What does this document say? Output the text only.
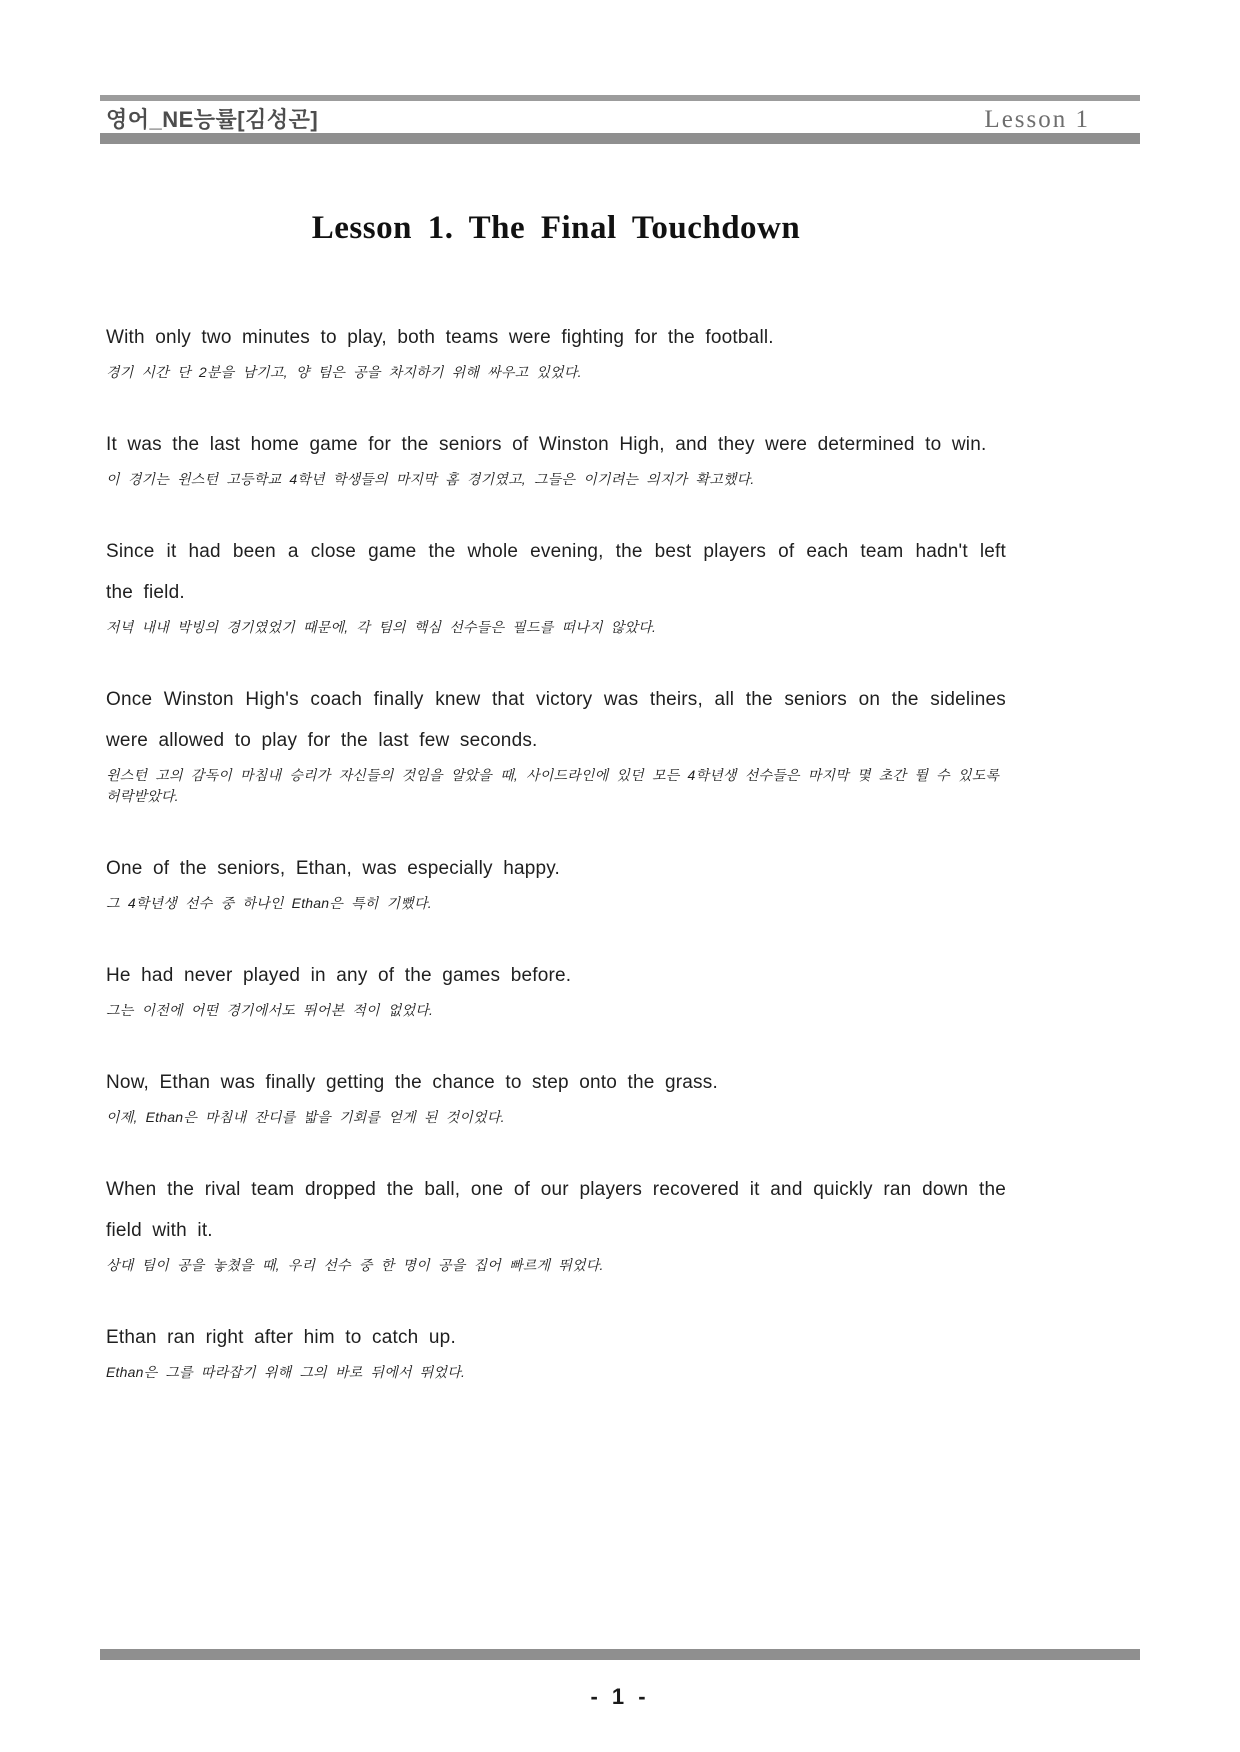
영어_NE능률[김성곤]	Lesson 1
Lesson 1. The Final Touchdown

With only two minutes to play, both teams were fighting for the football.

경기 시간 단 2분을 남기고, 양 팀은 공을 차지하기 위해 싸우고 있었다.

It was the last home game for the seniors of Winston High, and they were determined to win.

이 경기는 윈스턴 고등학교 4학년 학생들의 마지막 홈 경기였고, 그들은 이기려는 의지가 확고했다.

Since it had been a close game the whole evening, the best players of each team hadn't left the field.

저녁 내내 박빙의 경기였었기 때문에, 각 팀의 핵심 선수들은 필드를 떠나지 않았다.

Once Winston High's coach finally knew that victory was theirs, all the seniors on the sidelines were allowed to play for the last few seconds.

윈스턴 고의 감독이 마침내 승리가 자신들의 것임을 알았을 때, 사이드라인에 있던 모든 4학년생 선수들은 마지막 몇 초간 뛸 수 있도록 허락받았다.

One of the seniors, Ethan, was especially happy.

그 4학년생 선수 중 하나인 Ethan은 특히 기뻤다.

He had never played in any of the games before.

그는 이전에 어떤 경기에서도 뛰어본 적이 없었다.

Now, Ethan was finally getting the chance to step onto the grass.

이제, Ethan은 마침내 잔디를 밟을 기회를 얻게 된 것이었다.

When the rival team dropped the ball, one of our players recovered it and quickly ran down the field with it.

상대 팀이 공을 놓쳤을 때, 우리 선수 중 한 명이 공을 집어 빠르게 뛰었다.

Ethan ran right after him to catch up.

Ethan은 그를 따라잡기 위해 그의 바로 뒤에서 뛰었다.

- 1 -
